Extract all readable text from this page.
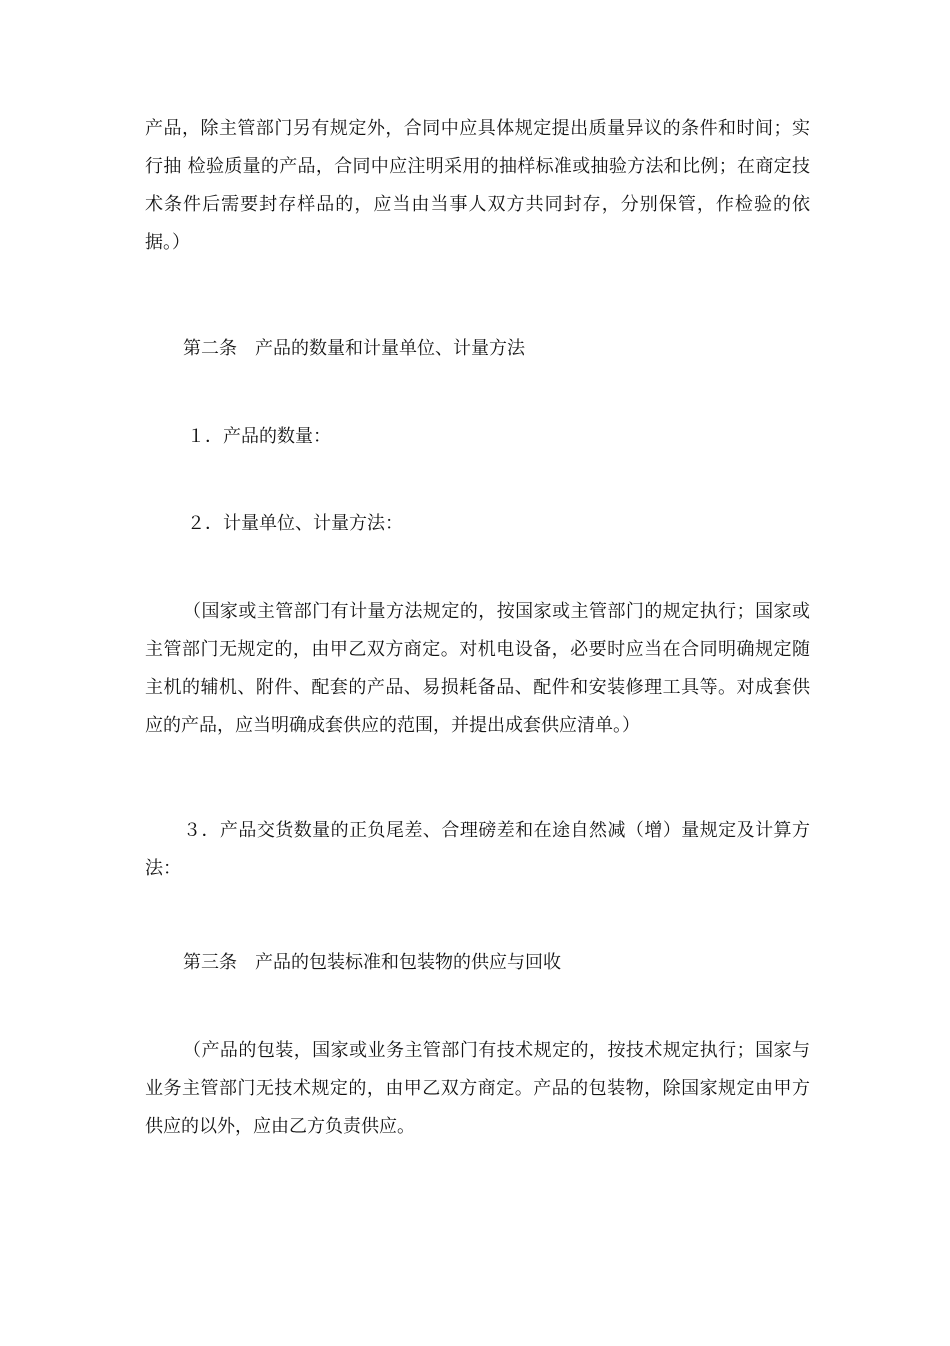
产品，除主管部门另有规定外，合同中应具体规定提出质量异议的条件和时间；实行抽 检验质量的产品，合同中应注明采用的抽样标准或抽验方法和比例；在商定技术条件后需要封存样品的，应当由当事人双方共同封存，分别保管，作检验的依据。）

第二条　产品的数量和计量单位、计量方法

１．产品的数量：

２．计量单位、计量方法：

（国家或主管部门有计量方法规定的，按国家或主管部门的规定执行；国家或主管部门无规定的，由甲乙双方商定。对机电设备，必要时应当在合同明确规定随主机的辅机、附件、配套的产品、易损耗备品、配件和安装修理工具等。对成套供应的产品，应当明确成套供应的范围，并提出成套供应清单。）

３．产品交货数量的正负尾差、合理磅差和在途自然减（增）量规定及计算方法：

第三条　产品的包装标准和包装物的供应与回收

（产品的包装，国家或业务主管部门有技术规定的，按技术规定执行；国家与业务主管部门无技术规定的，由甲乙双方商定。产品的包装物，除国家规定由甲方供应的以外，应由乙方负责供应。
